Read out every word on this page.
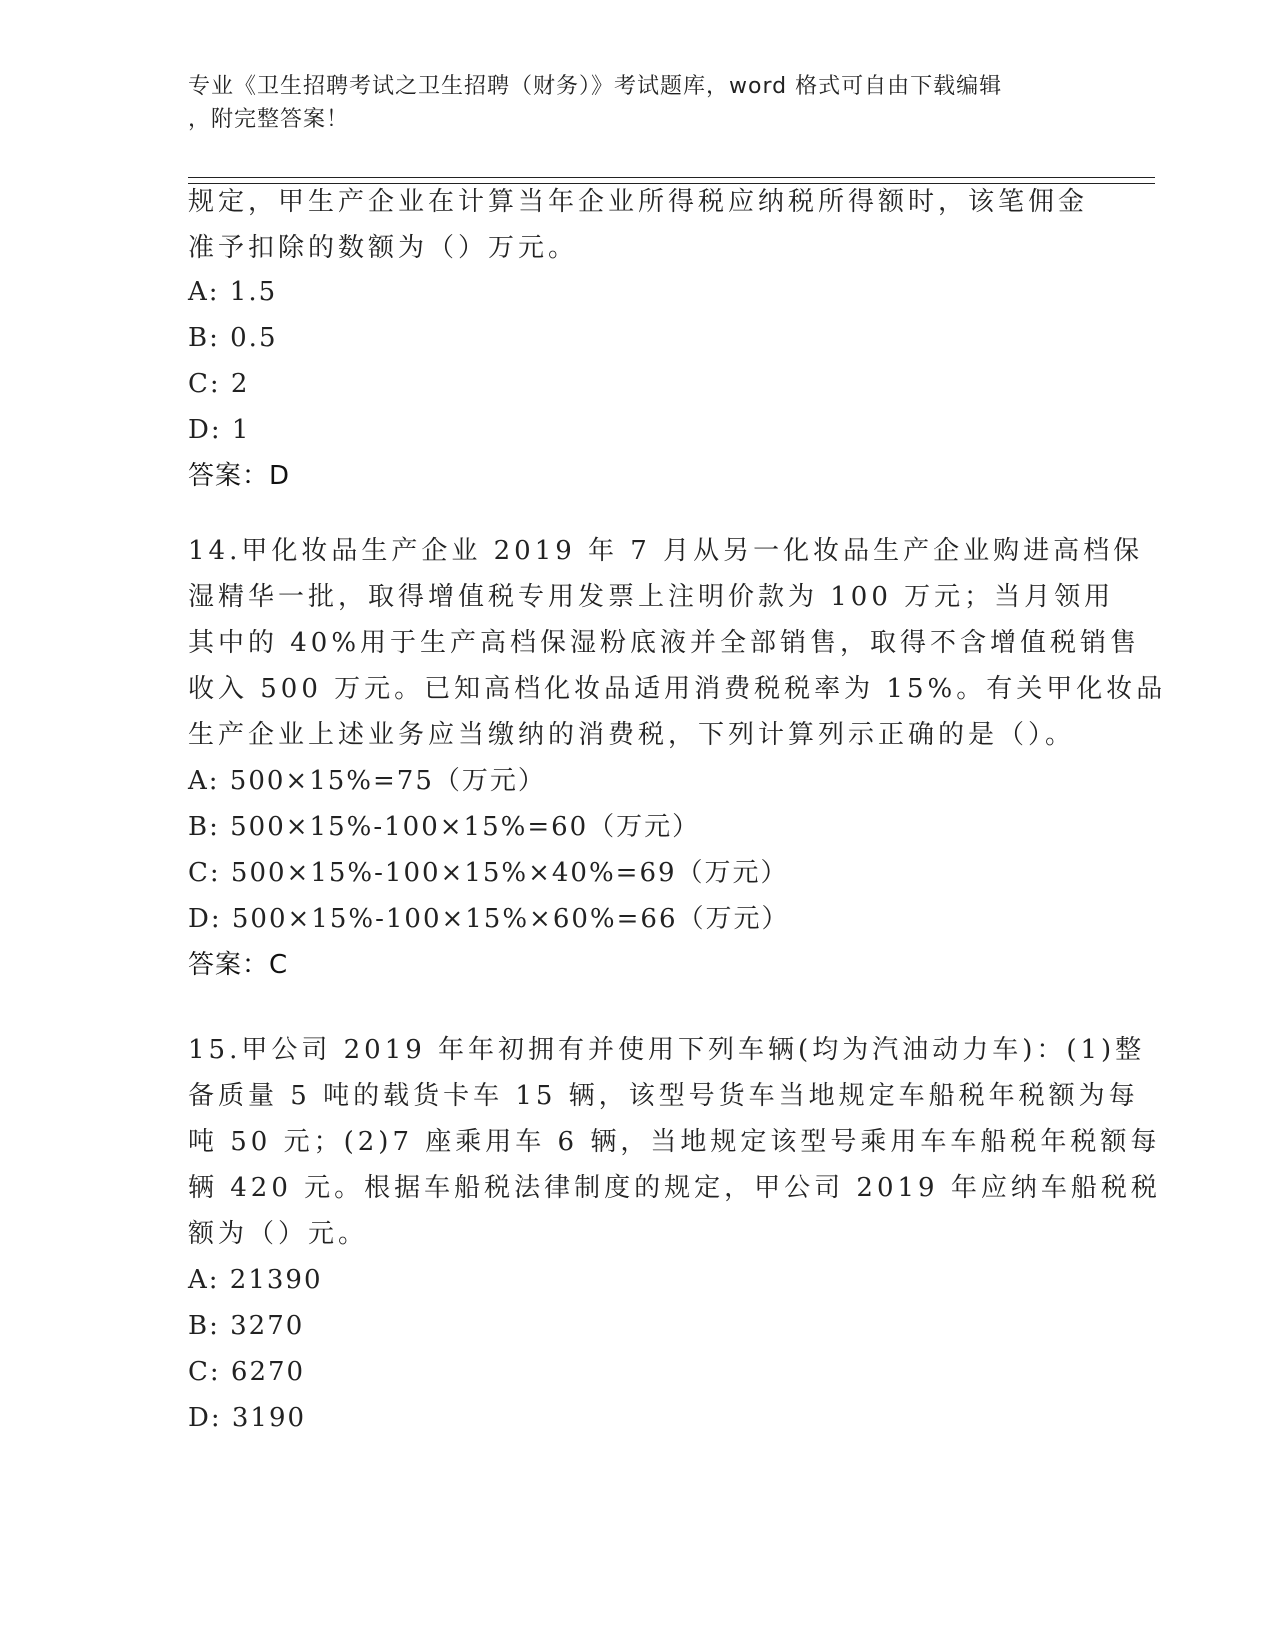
专业《卫生招聘考试之卫生招聘（财务）》考试题库，word 格式可自由下载编辑
，附完整答案！
规定，甲生产企业在计算当年企业所得税应纳税所得额时，该笔佣金
准予扣除的数额为（）万元。
A: 1.5
B: 0.5
C: 2
D: 1
答案：D
14.甲化妆品生产企业 2019 年 7 月从另一化妆品生产企业购进高档保
湿精华一批，取得增值税专用发票上注明价款为 100 万元；当月领用
其中的 40%用于生产高档保湿粉底液并全部销售，取得不含增值税销售
收入 500 万元。已知高档化妆品适用消费税税率为 15%。有关甲化妆品
生产企业上述业务应当缴纳的消费税，下列计算列示正确的是（）。
A: 500×15%=75（万元）
B: 500×15%-100×15%=60（万元）
C: 500×15%-100×15%×40%=69（万元）
D: 500×15%-100×15%×60%=66（万元）
答案：C
15.甲公司 2019 年年初拥有并使用下列车辆(均为汽油动力车)：(1)整
备质量 5 吨的载货卡车 15 辆，该型号货车当地规定车船税年税额为每
吨 50 元；(2)7 座乘用车 6 辆，当地规定该型号乘用车车船税年税额每
辆 420 元。根据车船税法律制度的规定，甲公司 2019 年应纳车船税税
额为（）元。
A: 21390
B: 3270
C: 6270
D: 3190
